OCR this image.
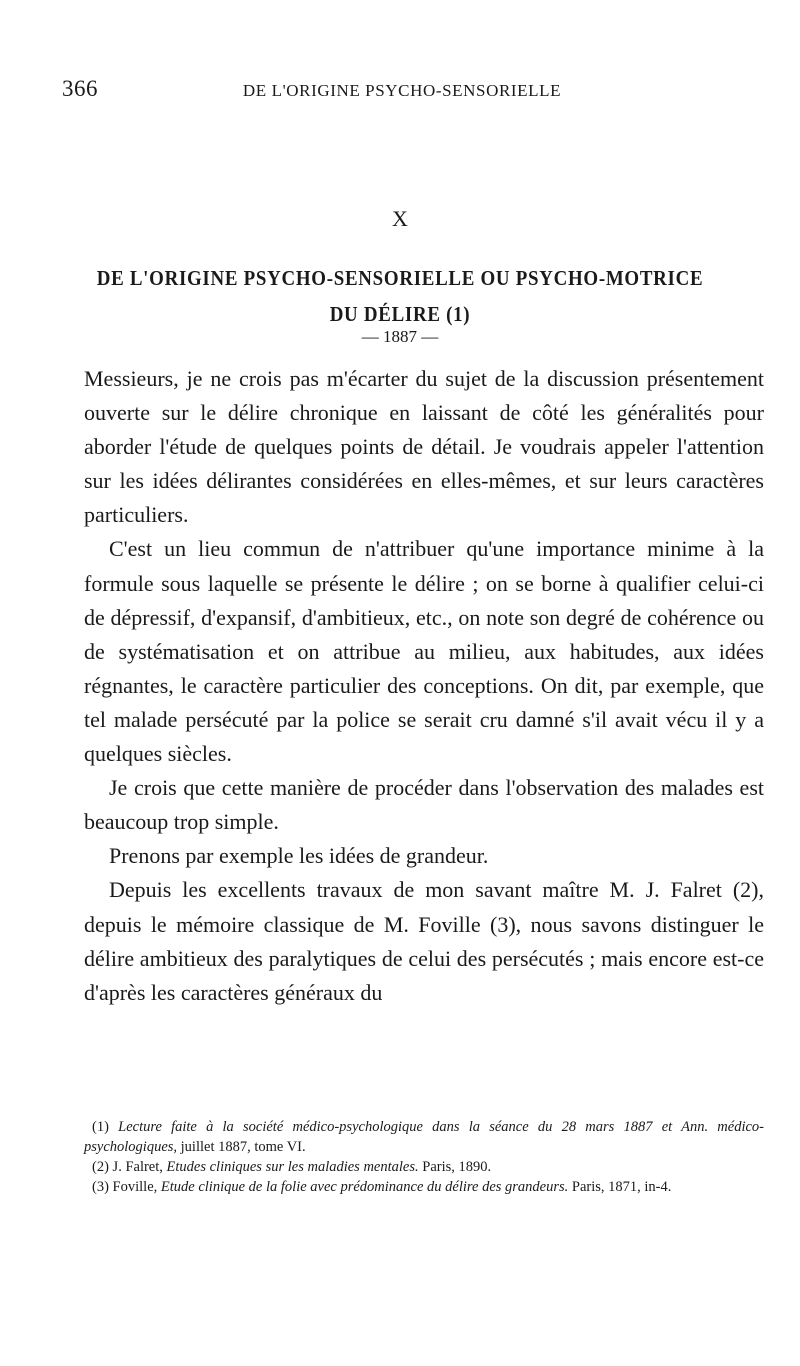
366	DE L'ORIGINE PSYCHO-SENSORIELLE
X
DE L'ORIGINE PSYCHO-SENSORIELLE OU PSYCHO-MOTRICE
DU DÉLIRE (1)
— 1887 —

Messieurs, je ne crois pas m'écarter du sujet de la discussion présentement ouverte sur le délire chronique en laissant de côté les généralités pour aborder l'étude de quelques points de détail. Je voudrais appeler l'attention sur les idées délirantes considérées en elles-mêmes, et sur leurs caractères particuliers.

C'est un lieu commun de n'attribuer qu'une importance minime à la formule sous laquelle se présente le délire ; on se borne à qualifier celui-ci de dépressif, d'expansif, d'ambitieux, etc., on note son degré de cohérence ou de systématisation et on attribue au milieu, aux habitudes, aux idées régnantes, le caractère particulier des conceptions. On dit, par exemple, que tel malade persécuté par la police se serait cru damné s'il avait vécu il y a quelques siècles.

Je crois que cette manière de procéder dans l'observation des malades est beaucoup trop simple.

Prenons par exemple les idées de grandeur.

Depuis les excellents travaux de mon savant maître M. J. Falret (2), depuis le mémoire classique de M. Foville (3), nous savons distinguer le délire ambitieux des paralytiques de celui des persécutés ; mais encore est-ce d'après les caractères généraux du

(1) Lecture faite à la société médico-psychologique dans la séance du 28 mars 1887 et Ann. médico-psychologiques, juillet 1887, tome VI.

(2) J. Falret, Etudes cliniques sur les maladies mentales. Paris, 1890.

(3) Foville, Etude clinique de la folie avec prédominance du délire des grandeurs. Paris, 1871, in-4.
